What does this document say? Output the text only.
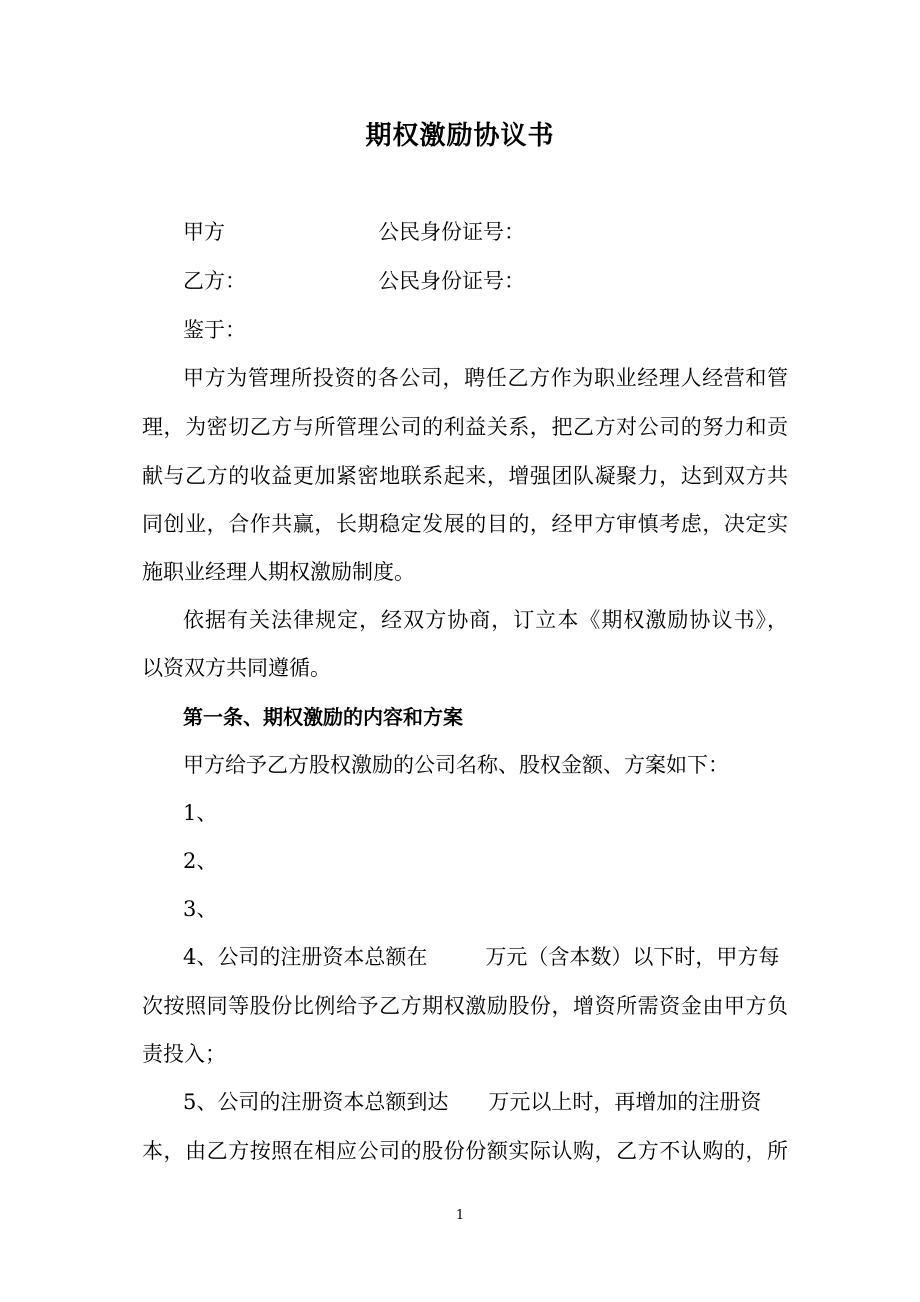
期权激励协议书
甲方	公民身份证号：
乙方：	公民身份证号：
鉴于：
甲方为管理所投资的各公司，聘任乙方作为职业经理人经营和管
理，为密切乙方与所管理公司的利益关系，把乙方对公司的努力和贡
献与乙方的收益更加紧密地联系起来，增强团队凝聚力，达到双方共
同创业，合作共赢，长期稳定发展的目的，经甲方审慎考虑，决定实
施职业经理人期权激励制度。
依据有关法律规定，经双方协商，订立本《期权激励协议书》，
以资双方共同遵循。
第一条、期权激励的内容和方案
甲方给予乙方股权激励的公司名称、股权金额、方案如下：
1、
2、
3、
4、公司的注册资本总额在	万元（含本数）以下时，甲方每
次按照同等股份比例给予乙方期权激励股份，增资所需资金由甲方负
责投入；
5、公司的注册资本总额到达 万元以上时，再增加的注册资
本，由乙方按照在相应公司的股份份额实际认购，乙方不认购的，所
1
